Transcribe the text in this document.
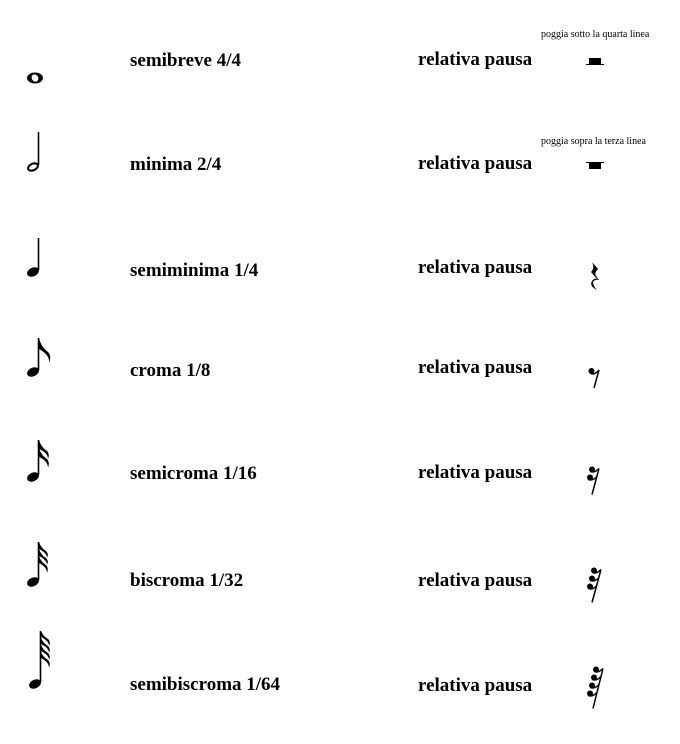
semibreve 4/4	relativa pausa
poggia sotto la quarta linea
minima 2/4	relativa pausa
poggia sopra la terza linea
semiminima 1/4	relativa pausa
croma 1/8	relativa pausa
semicroma 1/16	relativa pausa
biscroma 1/32	relativa pausa
semibiscroma 1/64	relativa pausa
